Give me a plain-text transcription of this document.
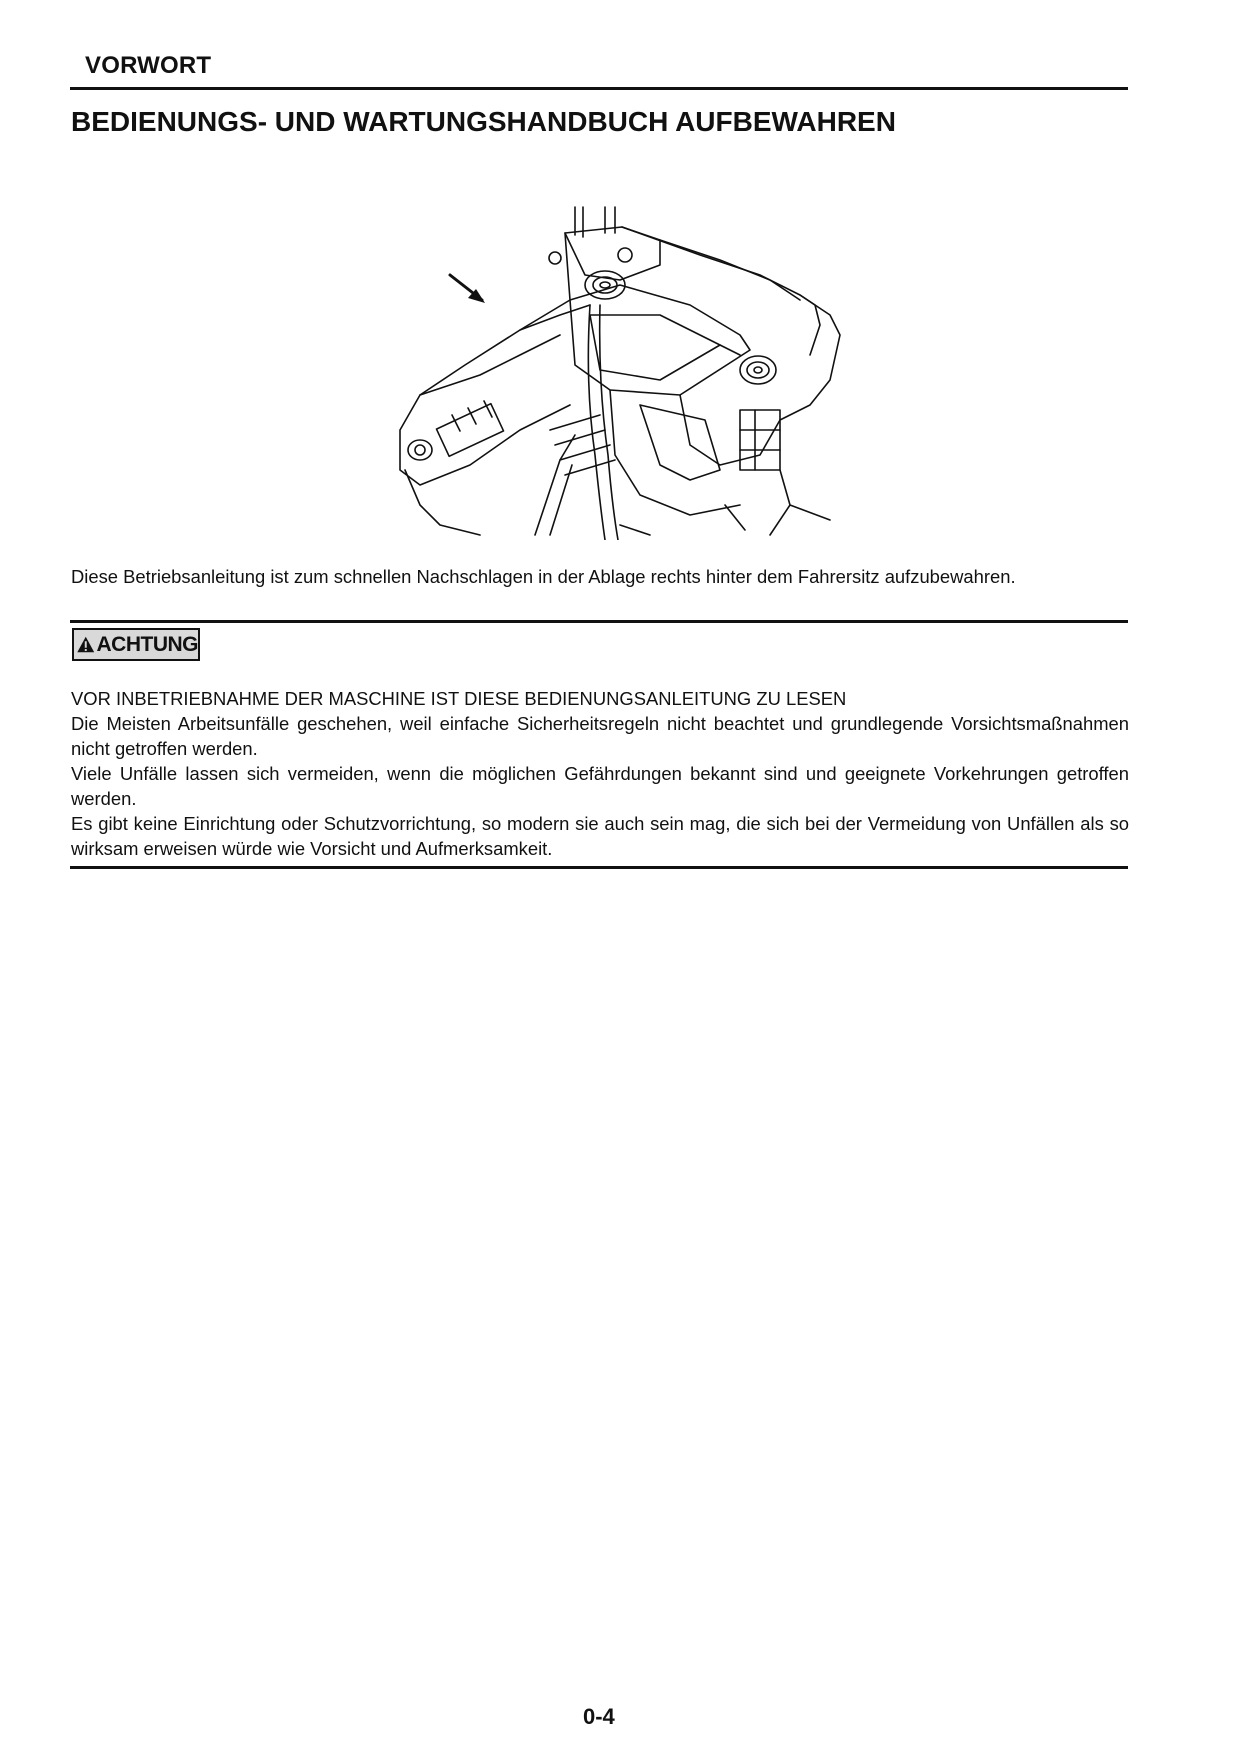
VORWORT
BEDIENUNGS- UND WARTUNGSHANDBUCH AUFBEWAHREN
Diese Betriebsanleitung ist zum schnellen Nachschlagen in der Ablage rechts hinter dem Fahrersitz aufzubewahren.
ACHTUNG

VOR INBETRIEBNAHME DER MASCHINE IST DIESE BEDIENUNGSANLEITUNG ZU LESEN

Die Meisten Arbeitsunfälle geschehen, weil einfache Sicherheitsregeln nicht beachtet und grundlegende Vorsichtsmaßnahmen nicht getroffen werden.

Viele Unfälle lassen sich vermeiden, wenn die möglichen Gefährdungen bekannt sind und geeignete Vorkehrungen getroffen werden.

Es gibt keine Einrichtung oder Schutzvorrichtung, so modern sie auch sein mag, die sich bei der Vermeidung von Unfällen als so wirksam erweisen würde wie Vorsicht und Aufmerksamkeit.

0-4
